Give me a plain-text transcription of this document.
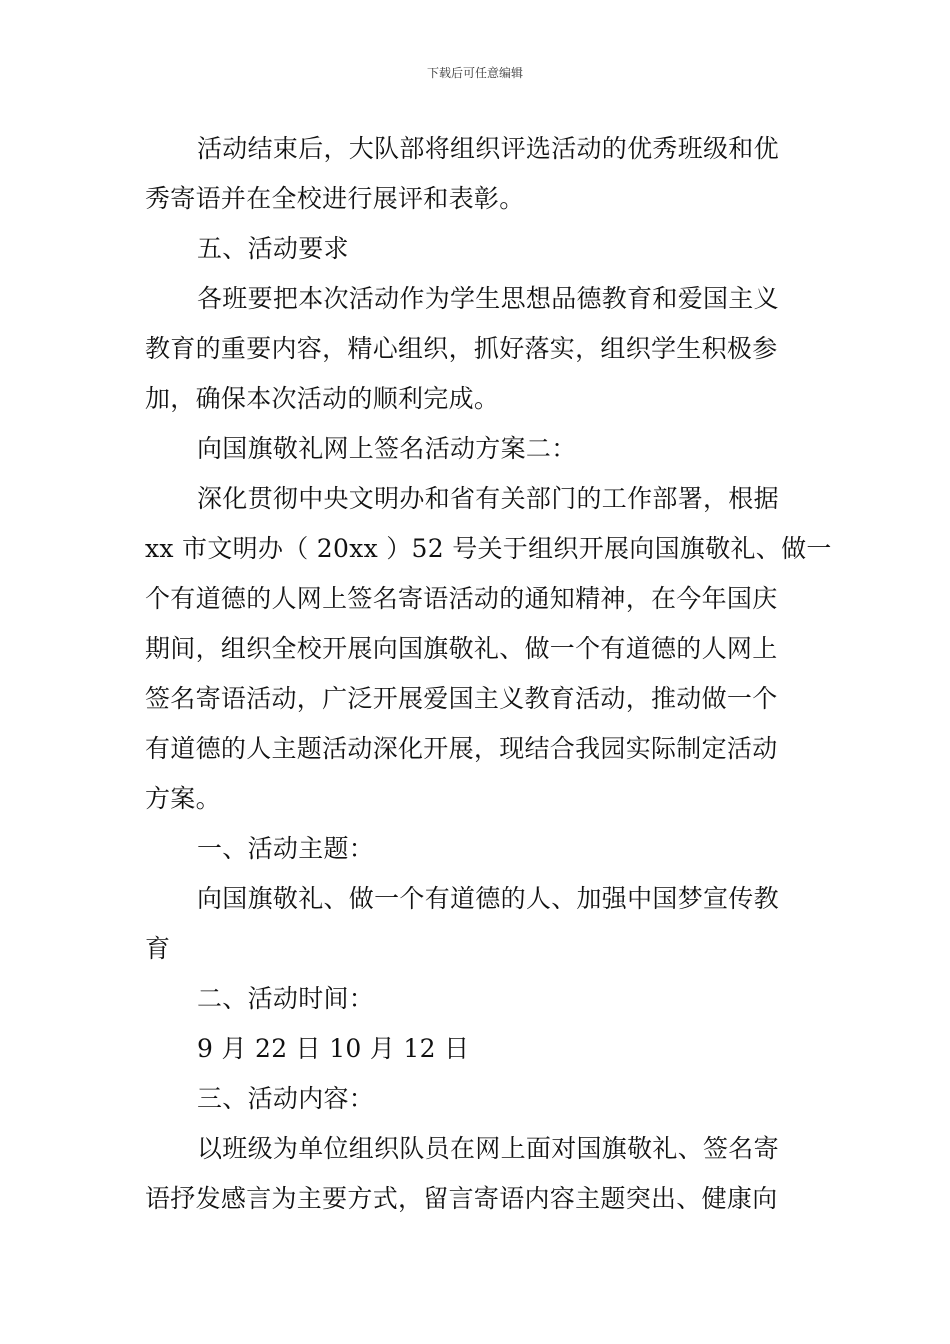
下载后可任意编辑
活动结束后，大队部将组织评选活动的优秀班级和优
秀寄语并在全校进行展评和表彰。
五、活动要求
各班要把本次活动作为学生思想品德教育和爱国主义
教育的重要内容，精心组织，抓好落实，组织学生积极参
加，确保本次活动的顺利完成。
向国旗敬礼网上签名活动方案二：
深化贯彻中央文明办和省有关部门的工作部署，根据
xx 市文明办（ 20xx ）52 号关于组织开展向国旗敬礼、做一
个有道德的人网上签名寄语活动的通知精神，在今年国庆
期间，组织全校开展向国旗敬礼、做一个有道德的人网上
签名寄语活动，广泛开展爱国主义教育活动，推动做一个
有道德的人主题活动深化开展，现结合我园实际制定活动
方案。
一、活动主题：
向国旗敬礼、做一个有道德的人、加强中国梦宣传教
育
二、活动时间：
9 月 22 日 10 月 12 日
三、活动内容：
以班级为单位组织队员在网上面对国旗敬礼、签名寄
语抒发感言为主要方式，留言寄语内容主题突出、健康向
